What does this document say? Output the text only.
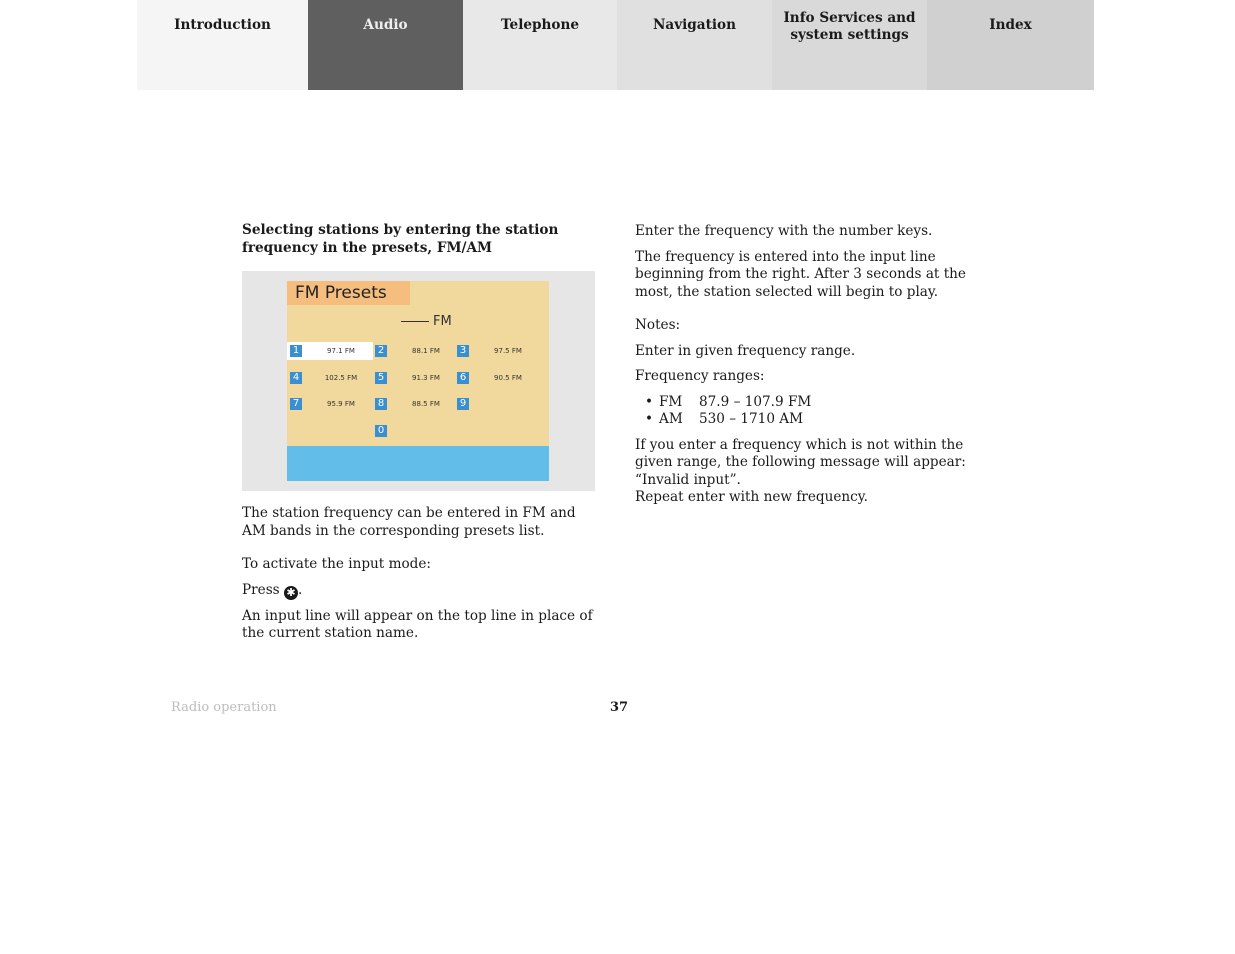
Selecting stations by entering the station frequency in the presets, FM/AM

FM Presets
FM
1	97.1 FM	2	88.1 FM	3	97.5 FM
4	102.5 FM	5	91.3 FM	6	90.5 FM
7	95.9 FM	8	88.5 FM	9
0

The station frequency can be entered in FM and AM bands in the corresponding presets list.

To activate the input mode:

Press ✱ .

An input line will appear on the top line in place of the current station name.

Enter the frequency with the number keys.

The frequency is entered into the input line beginning from the right. After 3 seconds at the most, the station selected will begin to play.

Notes:

Enter in given frequency range.

Frequency ranges:

• FM 87.9 – 107.9 FM
• AM 530 – 1710 AM

If you enter a frequency which is not within the given range, the following message will appear: “Invalid input”.

Repeat enter with new frequency.

Radio operation	37
Introduction	Audio	Telephone	Navigation	Info Services and system settings
Index
